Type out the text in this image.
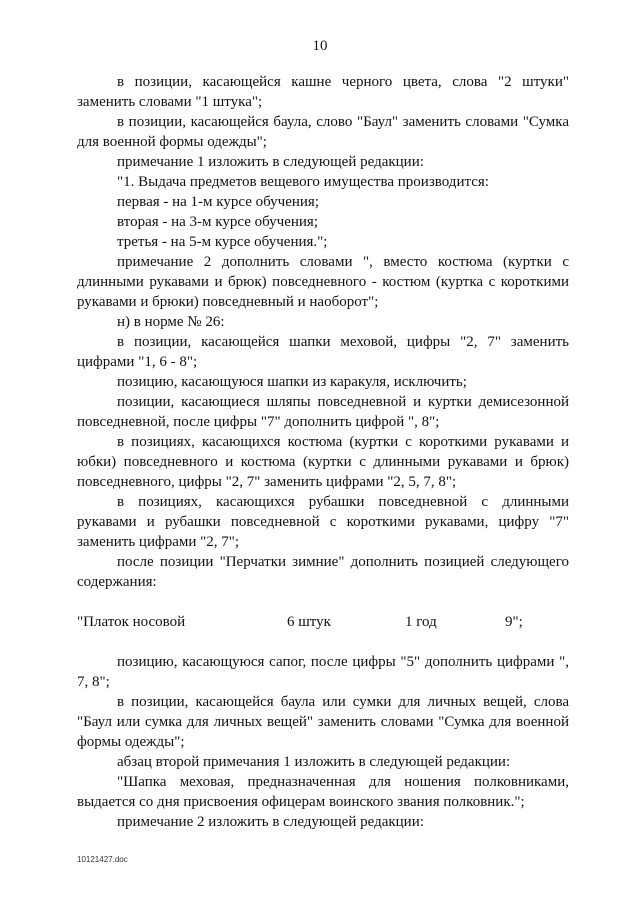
10

в позиции, касающейся кашне черного цвета, слова "2 штуки" заменить словами "1 штука";

в позиции, касающейся баула, слово "Баул" заменить словами "Сумка для военной формы одежды";

примечание 1 изложить в следующей редакции:

"1. Выдача предметов вещевого имущества производится:

первая - на 1-м курсе обучения;

вторая - на 3-м курсе обучения;

третья - на 5-м курсе обучения.";

примечание 2 дополнить словами ", вместо костюма (куртки с длинными рукавами и брюк) повседневного - костюм (куртка с короткими рукавами и брюки) повседневный и наоборот";

н) в норме № 26:

в позиции, касающейся шапки меховой, цифры "2, 7" заменить цифрами "1, 6 - 8";

позицию, касающуюся шапки из каракуля, исключить;

позиции, касающиеся шляпы повседневной и куртки демисезонной повседневной, после цифры "7" дополнить цифрой ", 8";

в позициях, касающихся костюма (куртки с короткими рукавами и юбки) повседневного и костюма (куртки с длинными рукавами и брюк) повседневного, цифры "2, 7" заменить цифрами "2, 5, 7, 8";

в позициях, касающихся рубашки повседневной с длинными рукавами и рубашки повседневной с короткими рукавами, цифру "7" заменить цифрами "2, 7";

после позиции "Перчатки зимние" дополнить позицией следующего содержания:

"Платок носовой	6 штук	1 год	9";

позицию, касающуюся сапог, после цифры "5" дополнить цифрами ", 7, 8";

в позиции, касающейся баула или сумки для личных вещей, слова "Баул или сумка для личных вещей" заменить словами "Сумка для военной формы одежды";

абзац второй примечания 1 изложить в следующей редакции:

"Шапка меховая, предназначенная для ношения полковниками, выдается со дня присвоения офицерам воинского звания полковник.";

примечание 2 изложить в следующей редакции:

10121427.doc
